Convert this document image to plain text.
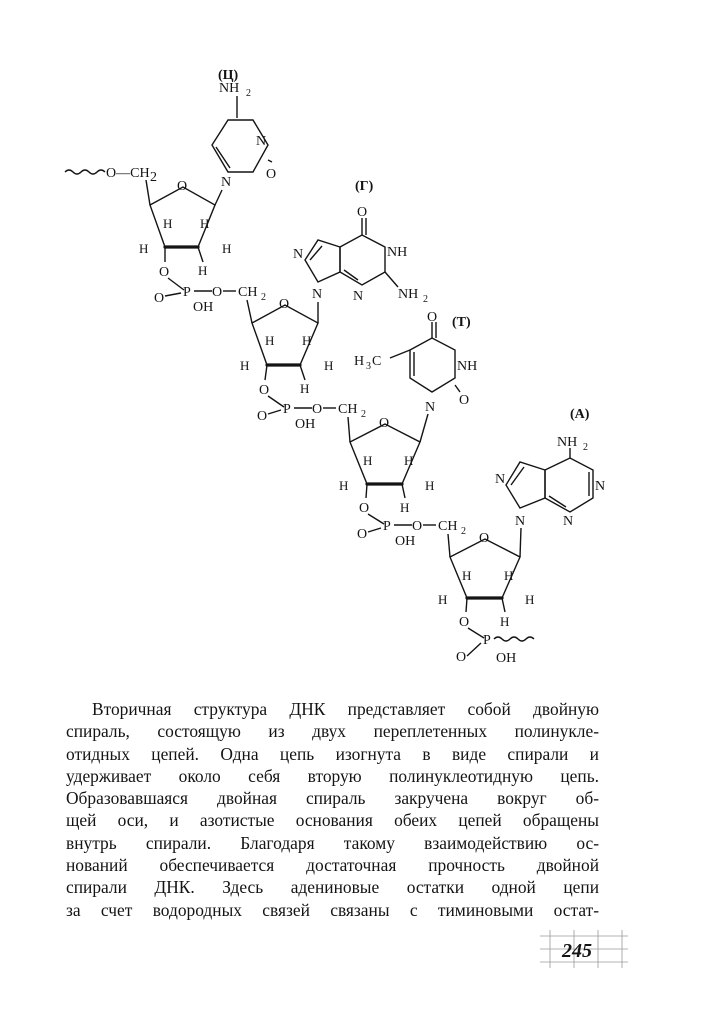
O—CH 2
O
H H
H	H
H
(Ц)
NH 2
N
N
O
O
P O
O
OH
CH 2 O
H H
H	H
H
(Г)
O
NH
N
N
N	NH 2
O
P O
O
OH
CH 2
O
H H
H	H
H
(Т)
O
NH
O
N
H 3 C
O
P O
O OH
CH 2 O
H	H
H	H
H
(А)
NH 2
N
N
N
N
O
P
O OH

Вторичная структура ДНК представляет собой двойную
спираль, состоящую из двух переплетенных полинукле-
отидных цепей. Одна цепь изогнута в виде спирали и
удерживает около себя вторую полинуклеотидную цепь.
Образовавшаяся двойная спираль закручена вокруг об-
щей оси, и азотистые основания обеих цепей обращены
внутрь спирали. Благодаря такому взаимодействию ос-
нований обеспечивается достаточная прочность двойной
спирали ДНК. Здесь адениновые остатки одной цепи
за счет водородных связей связаны с тиминовыми остат-

245
